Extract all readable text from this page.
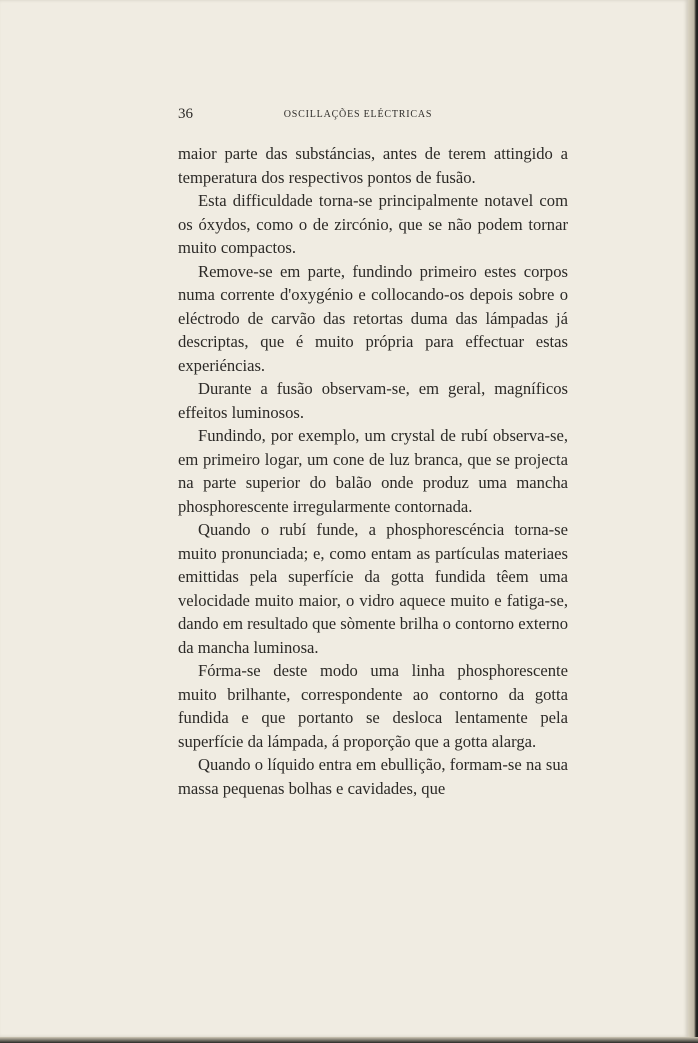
36	OSCILLAÇÕES ELÉCTRICAS

maior parte das substáncias, antes de terem attingido a temperatura dos respectivos pontos de fusão.

Esta difficuldade torna-se principalmente notavel com os óxydos, como o de zircónio, que se não podem tornar muito compactos.

Remove-se em parte, fundindo primeiro estes corpos numa corrente d'oxygénio e collocando-os depois sobre o eléctrodo de carvão das retortas duma das lámpadas já descriptas, que é muito própria para effectuar estas experiéncias.

Durante a fusão observam-se, em geral, magníficos effeitos luminosos.

Fundindo, por exemplo, um crystal de rubí observa-se, em primeiro logar, um cone de luz branca, que se projecta na parte superior do balão onde produz uma mancha phosphorescente irregularmente contornada.

Quando o rubí funde, a phosphorescéncia torna-se muito pronunciada; e, como entam as partículas materiaes emittidas pela superfície da gotta fundida têem uma velocidade muito maior, o vidro aquece muito e fatiga-se, dando em resultado que sòmente brilha o contorno externo da mancha luminosa.

Fórma-se deste modo uma linha phosphorescente muito brilhante, correspondente ao contorno da gotta fundida e que portanto se desloca lentamente pela superfície da lámpada, á proporção que a gotta alarga.

Quando o líquido entra em ebullição, formam-se na sua massa pequenas bolhas e cavidades, que
